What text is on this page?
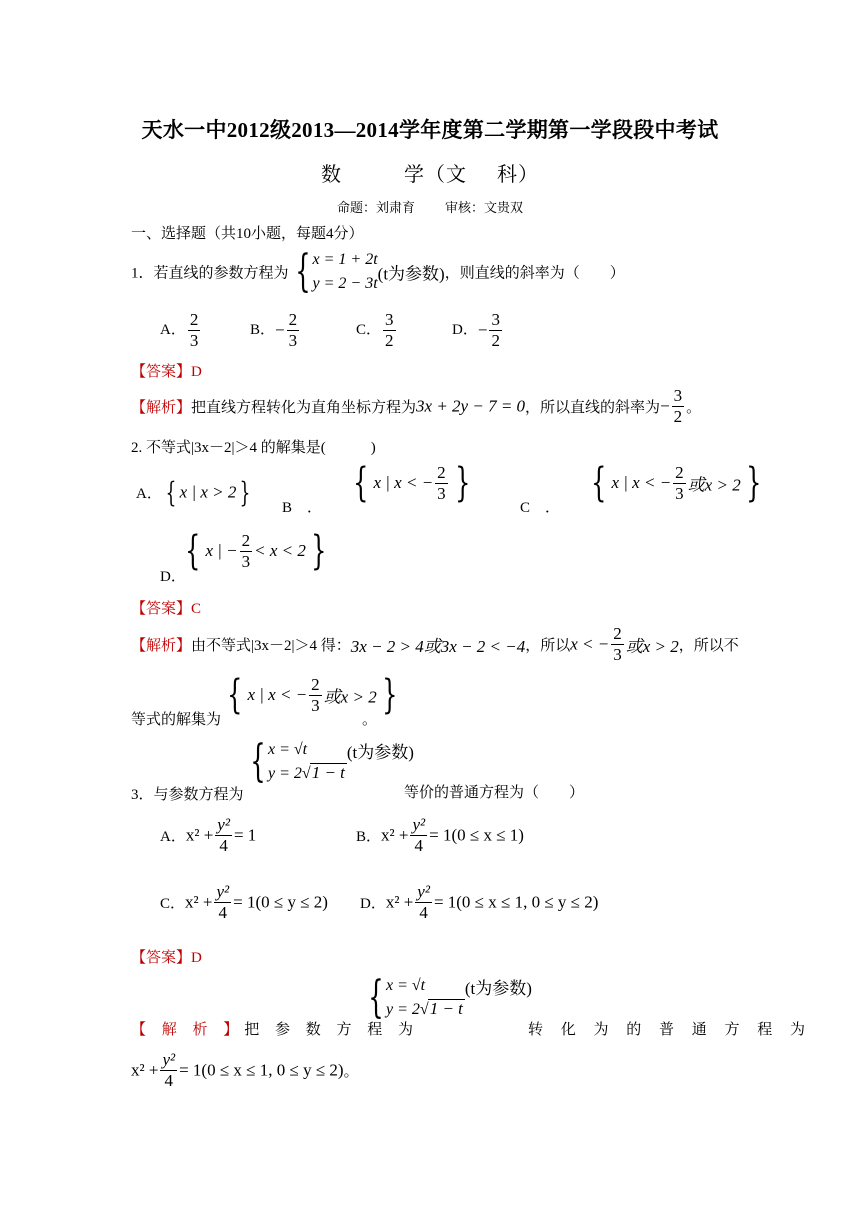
天水一中2012级2013—2014学年度第二学期第一学段段中考试
数	学（文 科）
命题：刘肃育 审核：文贵双
一、选择题（共10小题，每题4分）
1．若直线的参数方程为 { x = 1 + 2t
y = 2 − 3t (t为参数)，则直线的斜率为（　　）
A． $\frac{2}{3}$	B．− $\frac{2}{3}$	C． $\frac{3}{2}$	D．− $\frac{3}{2}$
【答案】D
【解析】把直线方程转化为直角坐标方程为3x + 2y − 7 = 0，所以直线的斜率为− $\frac{3}{2}$ 。
2. 不等式|3x－2|＞4 的解集是(　　　)
A． { x | x > 2 } B　．
{ x | x < − $\frac{2}{3}$ }
C　．
{ x | x < − $\frac{2}{3}$ 或x > 2 }
D．
{ x | − $\frac{2}{3} < x < 2$ }
【答案】C
【解析】由不等式|3x－2|＞4 得：3x − 2 > 4或3x − 2 < −4，所以x < − $\frac{2}{3}$ 或x > 2，所以不
等式的解集为
{ x | x < − $\frac{2}{3}$ 或x > 2 }
。
{ x = √t
y = 2√1 − t
(t为参数)
3．与参数方程为	等价的普通方程为（　　）
A．$x^2 + \frac{\text{y²}}{4} = 1$	B．$x^2 + \frac{\text{y²}}{4} = 1(0 \le x \le 1)$
C．$x^2 + \frac{\text{y²}}{4} = 1(0 \le y \le 2)$ D．$x^2 + \frac{\text{y²}}{4} = 1(0 \le x \le 1$, 0 ≤ y ≤ 2)
【答案】D
{ x = √t
y = 2√1 − t
(t为参数)
【 解 析 】把 参 数 方 程 为	转 化 为 的 普 通 方 程 为
$x^2 + \frac{\text{y²}}{4} = 1(0 \le x \le 1$, 0 ≤ y ≤ 2)。
